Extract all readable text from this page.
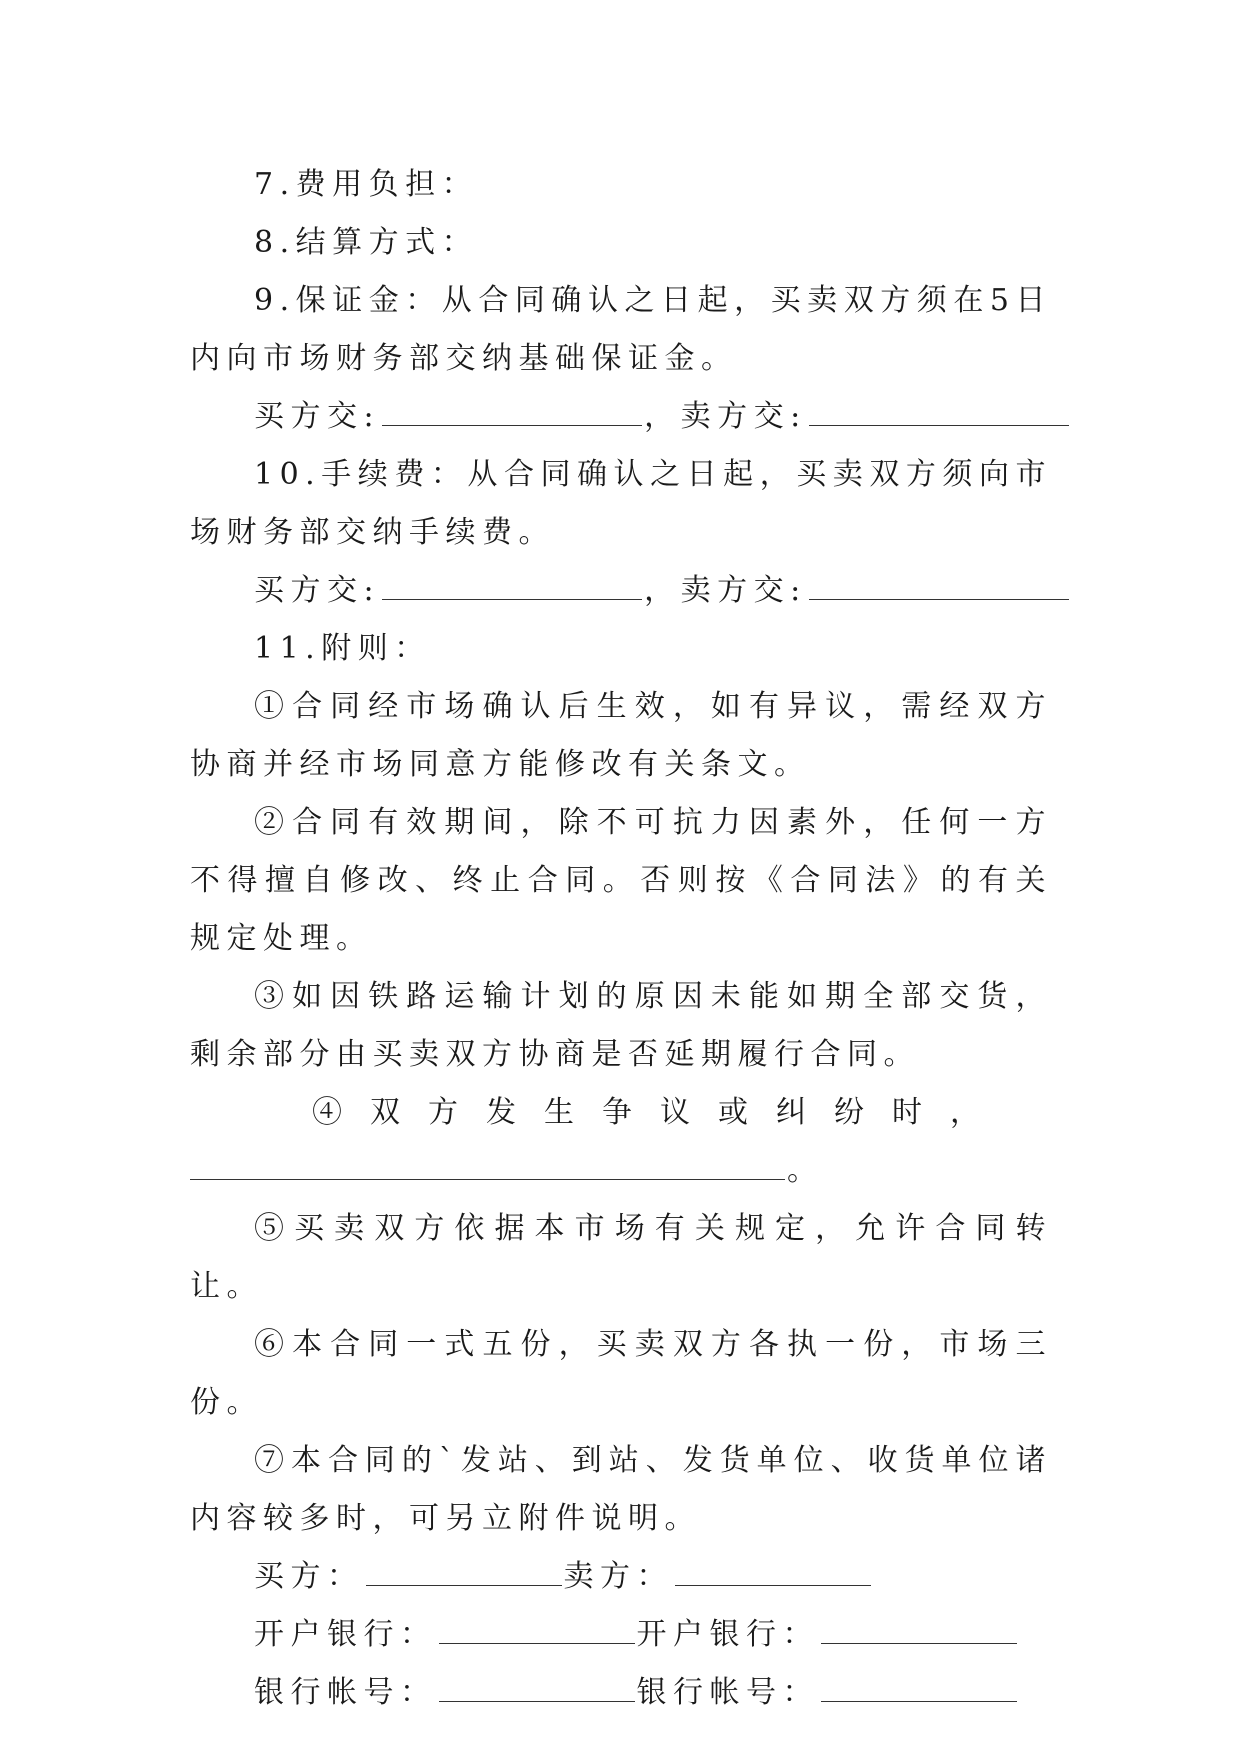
7.费用负担：

8.结算方式：

9.保证金：从合同确认之日起，买卖双方须在5日内向市场财务部交纳基础保证金。

买方交:	，卖方交:

10.手续费：从合同确认之日起，买卖双方须向市场财务部交纳手续费。

买方交:	，卖方交:

11.附则：

①合同经市场确认后生效，如有异议，需经双方协商并经市场同意方能修改有关条文。

②合同有效期间，除不可抗力因素外，任何一方不得擅自修改、终止合同。否则按《合同法》的有关规定处理。

③如因铁路运输计划的原因未能如期全部交货，剩余部分由买卖双方协商是否延期履行合同。

④双方发生争议或纠纷时，

。

⑤买卖双方依据本市场有关规定，允许合同转让。

⑥本合同一式五份，买卖双方各执一份，市场三份。

⑦本合同的`发站、到站、发货单位、收货单位诸内容较多时，可另立附件说明。

买方：	卖方：

开户银行：	开户银行：

银行帐号：	银行帐号：
